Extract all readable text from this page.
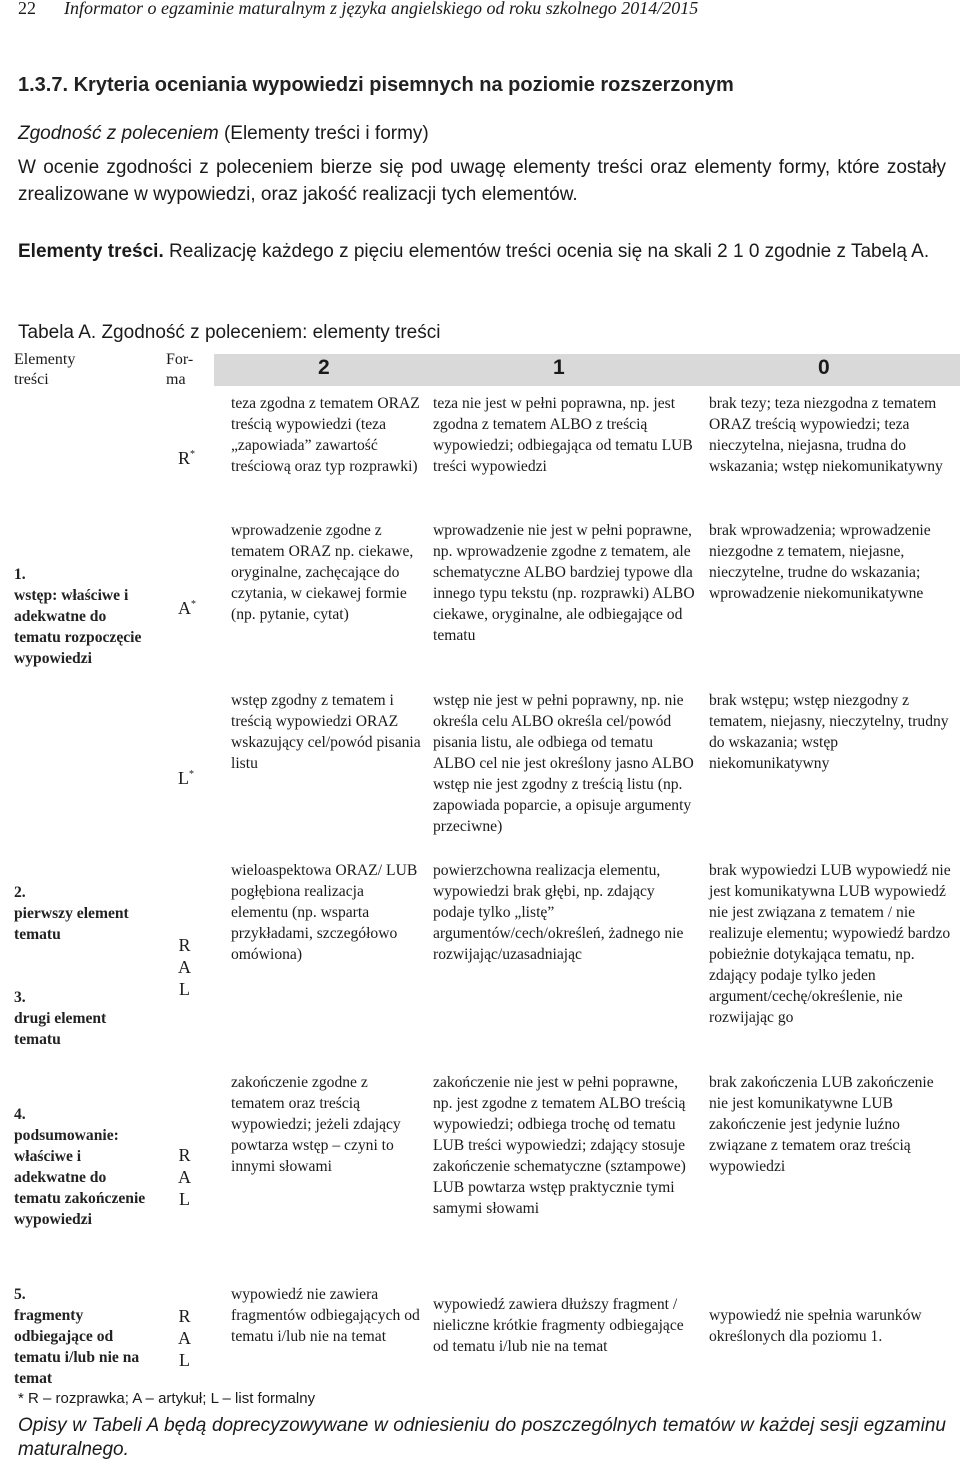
22 Informator o egzaminie maturalnym z języka angielskiego od roku szkolnego 2014/2015
1.3.7. Kryteria oceniania wypowiedzi pisemnych na poziomie rozszerzonym
Zgodność z poleceniem (Elementy treści i formy)
W ocenie zgodności z poleceniem bierze się pod uwagę elementy treści oraz elementy formy, które zostały zrealizowane w wypowiedzi, oraz jakość realizacji tych elementów.
Elementy treści. Realizację każdego z pięciu elementów treści ocenia się na skali 2 1 0 zgodnie z Tabelą A.
Tabela A. Zgodność z poleceniem: elementy treści
Elementy
treści
For-
ma
2	1	0
R*
teza zgodna z tematem ORAZ treścią wypowiedzi (teza „zapowiada” zawartość treściową oraz typ rozprawki)
teza nie jest w pełni poprawna, np. jest zgodna z tematem ALBO z treścią wypowiedzi; odbiegająca od tematu LUB treści wypowiedzi
brak tezy; teza niezgodna z tematem ORAZ treścią wypowiedzi; teza nieczytelna, niejasna, trudna do wskazania; wstęp niekomunikatywny
A*
wprowadzenie zgodne z tematem ORAZ np. ciekawe, oryginalne, zachęcające do czytania, w ciekawej formie (np. pytanie, cytat)
wprowadzenie nie jest w pełni poprawne, np. wprowadzenie zgodne z tematem, ale schematyczne ALBO bardziej typowe dla innego typu tekstu (np. rozprawki) ALBO ciekawe, oryginalne, ale odbiegające od tematu
brak wprowadzenia; wprowadzenie niezgodne z tematem, niejasne, nieczytelne, trudne do wskazania; wprowadzenie niekomunikatywne
L*
wstęp zgodny z tematem i treścią wypowiedzi ORAZ wskazujący cel/powód pisania listu
wstęp nie jest w pełni poprawny, np. nie określa celu ALBO określa cel/powód pisania listu, ale odbiega od tematu ALBO cel nie jest określony jasno ALBO wstęp nie jest zgodny z treścią listu (np. zapowiada poparcie, a opisuje argumenty przeciwne)
brak wstępu; wstęp niezgodny z tematem, niejasny, nieczytelny, trudny do wskazania; wstęp niekomunikatywny
1.
wstęp: właściwe i adekwatne do tematu rozpoczęcie wypowiedzi
R
A
L
wieloaspektowa ORAZ/ LUB pogłębiona realizacja elementu (np. wsparta przykładami, szczegółowo omówiona)
powierzchowna realizacja elementu, wypowiedzi brak głębi, np. zdający podaje tylko „listę” argumentów/cech/określeń, żadnego nie rozwijając/uzasadniając
brak wypowiedzi LUB wypowiedź nie jest komunikatywna LUB wypowiedź nie jest związana z tematem / nie realizuje elementu; wypowiedź bardzo pobieżnie dotykająca tematu, np. zdający podaje tylko jeden argument/cechę/określenie, nie rozwijając go
2.
pierwszy element tematu
3.
drugi element tematu
R
A
L
zakończenie zgodne z tematem oraz treścią wypowiedzi; jeżeli zdający powtarza wstęp – czyni to innymi słowami
zakończenie nie jest w pełni poprawne, np. jest zgodne z tematem ALBO treścią wypowiedzi; odbiega trochę od tematu LUB treści wypowiedzi; zdający stosuje zakończenie schematyczne (sztampowe) LUB powtarza wstęp praktycznie tymi samymi słowami
brak zakończenia LUB zakończenie nie jest komunikatywne LUB zakończenie jest jedynie luźno związane z tematem oraz treścią wypowiedzi
4.
podsumowanie: właściwe i adekwatne do tematu zakończenie wypowiedzi
R
A
L
wypowiedź nie zawiera fragmentów odbiegających od tematu i/lub nie na temat
wypowiedź zawiera dłuższy fragment / nieliczne krótkie fragmenty odbiegające od tematu i/lub nie na temat
wypowiedź nie spełnia warunków określonych dla poziomu 1.
5.
fragmenty odbiegające od tematu i/lub nie na temat
* R – rozprawka; A – artykuł; L – list formalny
Opisy w Tabeli A będą doprecyzowywane w odniesieniu do poszczególnych tematów w każdej sesji egzaminu maturalnego.
